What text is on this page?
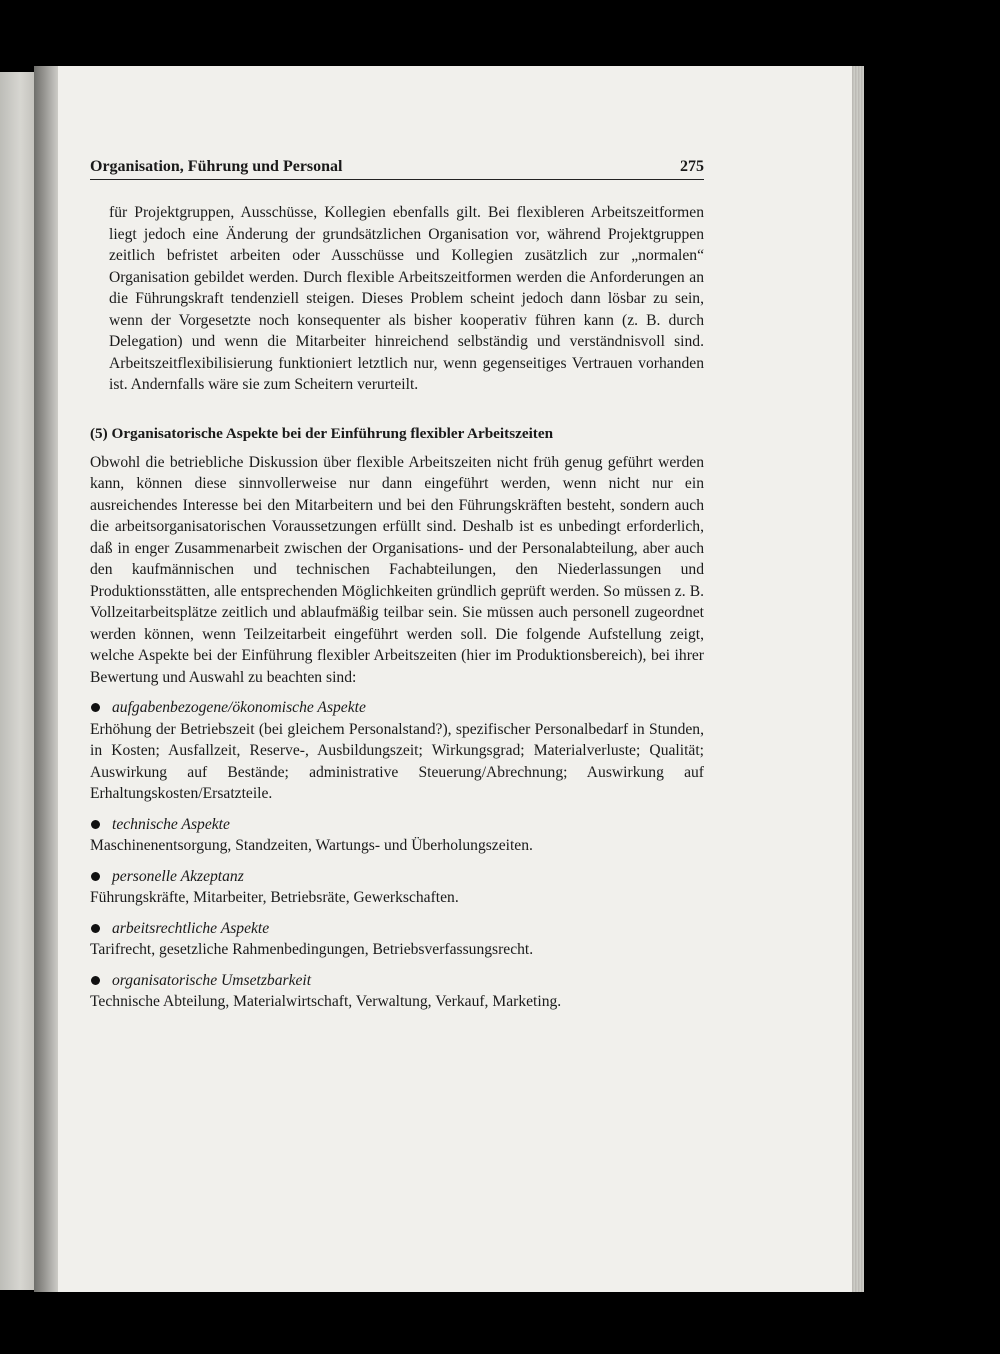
Organisation, Führung und Personal	275

für Projektgruppen, Ausschüsse, Kollegien ebenfalls gilt. Bei flexibleren Arbeitszeitformen liegt jedoch eine Änderung der grundsätzlichen Organisation vor, während Projektgruppen zeitlich befristet arbeiten oder Ausschüsse und Kollegien zusätzlich zur „normalen“ Organisation gebildet werden. Durch flexible Arbeitszeitformen werden die Anforderungen an die Führungskraft tendenziell steigen. Dieses Problem scheint jedoch dann lösbar zu sein, wenn der Vorgesetzte noch konsequenter als bisher kooperativ führen kann (z. B. durch Delegation) und wenn die Mitarbeiter hinreichend selbständig und verständnisvoll sind. Arbeitszeitflexibilisierung funktioniert letztlich nur, wenn gegenseitiges Vertrauen vorhanden ist. Andernfalls wäre sie zum Scheitern verurteilt.

(5) Organisatorische Aspekte bei der Einführung flexibler Arbeitszeiten

Obwohl die betriebliche Diskussion über flexible Arbeitszeiten nicht früh genug geführt werden kann, können diese sinnvollerweise nur dann eingeführt werden, wenn nicht nur ein ausreichendes Interesse bei den Mitarbeitern und bei den Führungskräften besteht, sondern auch die arbeitsorganisatorischen Voraussetzungen erfüllt sind. Deshalb ist es unbedingt erforderlich, daß in enger Zusammenarbeit zwischen der Organisations- und der Personalabteilung, aber auch den kaufmännischen und technischen Fachabteilungen, den Niederlassungen und Produktionsstätten, alle entsprechenden Möglichkeiten gründlich geprüft werden. So müssen z. B. Vollzeitarbeitsplätze zeitlich und ablaufmäßig teilbar sein. Sie müssen auch personell zugeordnet werden können, wenn Teilzeitarbeit eingeführt werden soll. Die folgende Aufstellung zeigt, welche Aspekte bei der Einführung flexibler Arbeitszeiten (hier im Produktionsbereich), bei ihrer Bewertung und Auswahl zu beachten sind:

aufgabenbezogene/ökonomische Aspekte
Erhöhung der Betriebszeit (bei gleichem Personalstand?), spezifischer Personalbedarf in Stunden, in Kosten; Ausfallzeit, Reserve-, Ausbildungszeit; Wirkungsgrad; Materialverluste; Qualität; Auswirkung auf Bestände; administrative Steuerung/Abrechnung; Auswirkung auf Erhaltungskosten/Ersatzteile.
technische Aspekte
Maschinenentsorgung, Standzeiten, Wartungs- und Überholungszeiten.
personelle Akzeptanz
Führungskräfte, Mitarbeiter, Betriebsräte, Gewerkschaften.
arbeitsrechtliche Aspekte
Tarifrecht, gesetzliche Rahmenbedingungen, Betriebsverfassungsrecht.
organisatorische Umsetzbarkeit
Technische Abteilung, Materialwirtschaft, Verwaltung, Verkauf, Marketing.
